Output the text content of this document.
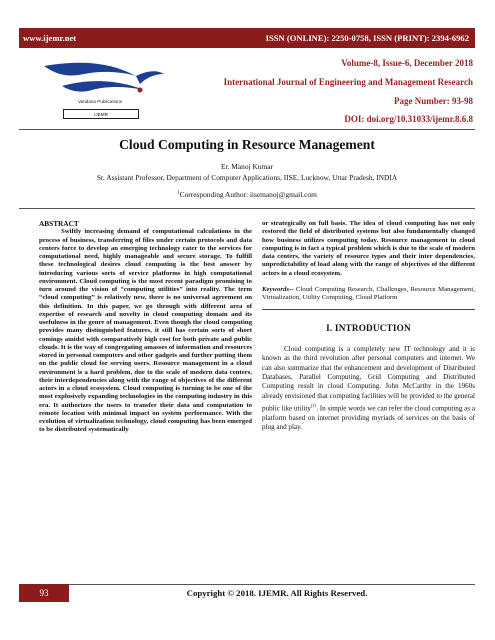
www.ijemr.net	ISSN (ONLINE): 2250-0758, ISSN (PRINT): 2394-6962
Vandana Publications
IJEMR
Volume-8, Issue-6, December 2018
International Journal of Engineering and Management Research
Page Number: 93-98
DOI: doi.org/10.31033/ijemr.8.6.8
Cloud Computing in Resource Management
Er. Manoj Kumar
Sr. Assistant Professor, Department of Computer Applications, IISE, Lucknow, Uttar Pradesh, INDIA
$^1$Corresponding Author: iisemanoj@gmail.com
ABSTRACT
Swiftly increasing demand of computational calculations in the process of business, transferring of files under certain protocols and data centers force to develop an emerging technology cater to the services for computational need, highly manageable and secure storage. To fulfill these technological desires cloud computing is the best answer by introducing various sorts of service platforms in high computational environment. Cloud computing is the most recent paradigm promising to turn around the vision of “computing utilities” into reality. The term “cloud computing” is relatively new, there is no universal agreement on this definition. In this paper, we go through with different area of expertise of research and novelty in cloud computing domain and its usefulness in the genre of management. Even though the cloud computing provides many distinguished features, it still has certain sorts of short comings amidst with comparatively high cost for both private and public clouds. It is the way of congregating amasses of information and resources stored in personal computers and other gadgets and further putting them on the public cloud for serving users. Resource management in a cloud environment is a hard problem, due to the scale of modern data centers, their interdependencies along with the range of objectives of the different actors in a cloud ecosystem. Cloud computing is turning to be one of the most explosively expanding technologies in the computing industry in this era. It authorizes the users to transfer their data and computation to remote location with minimal impact on system performance. With the evolution of virtualization technology, cloud computing has been emerged to be distributed systematically
or strategically on full basis. The idea of cloud computing has not only restored the field of distributed systems but also fundamentally changed how business utilizes computing today. Resource management in cloud computing is in fact a typical problem which is due to the scale of modern data centers, the variety of resource types and their inter dependencies, unpredictability of load along with the range of objectives of the different actors in a cloud ecosystem.
Keywords-- Cloud Computing Research, Challenges, Resource Management, Virtualization, Utility Computing, Cloud Platform
I. INTRODUCTION
Cloud computing is a completely new IT technology and it is known as the third revolution after personal computers and internet. We can also summarize that the enhancement and development of Distributed Databases, Parallel Computing, Grid Computing and Distributed Computing result in cloud Computing. John McCarthy in the 1960s already envisioned that computing facilities will be provided to the general public like utility[1]. In simple words we can refer the cloud computing as a platform based on internet providing myriads of services on the basis of plug and play.
93	Copyright © 2018. IJEMR. All Rights Reserved.
